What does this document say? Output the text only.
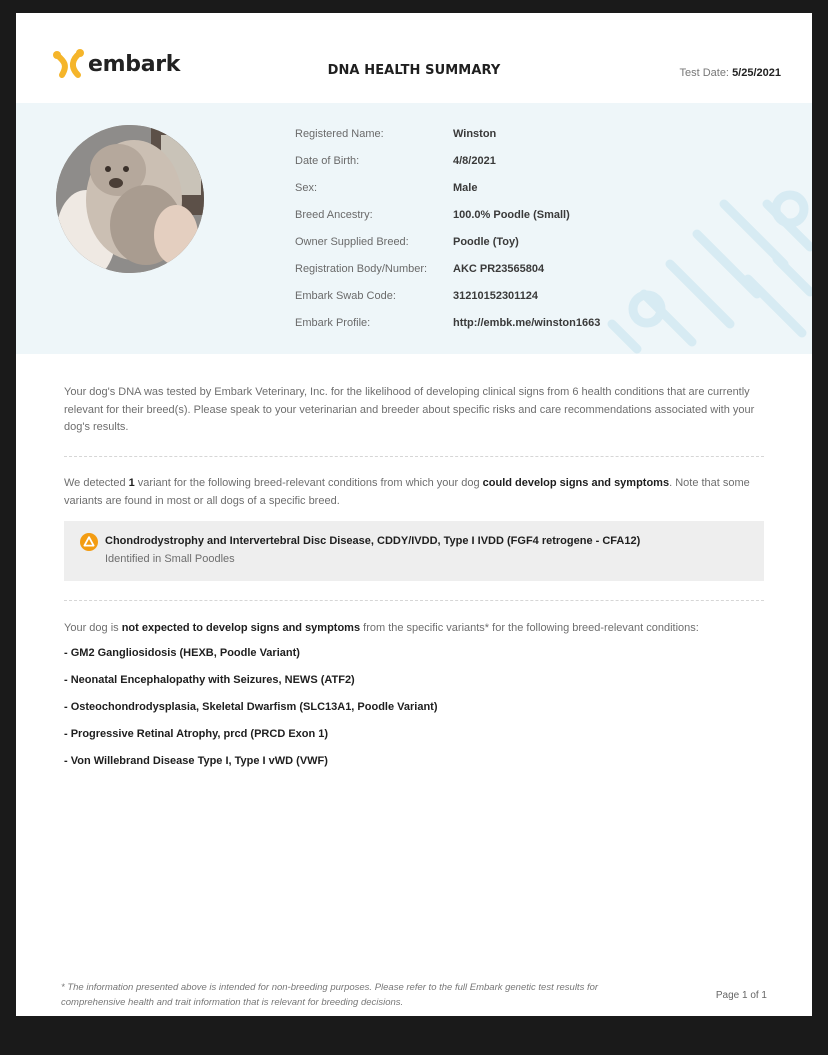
embark	DNA HEALTH SUMMARY	Test Date: 5/25/2021
Registered Name:	Winston
Date of Birth:	4/8/2021
Sex:	Male
Breed Ancestry:	100.0% Poodle (Small)
Owner Supplied Breed:	Poodle (Toy)
Registration Body/Number:	AKC PR23565804
Embark Swab Code:	31210152301124
Embark Profile:	http://embk.me/winston1663

Your dog's DNA was tested by Embark Veterinary, Inc. for the likelihood of developing clinical signs from 6 health conditions that are currently relevant for their breed(s). Please speak to your veterinarian and breeder about specific risks and care recommendations associated with your dog's results.

We detected 1 variant for the following breed-relevant conditions from which your dog could develop signs and symptoms. Note that some variants are found in most or all dogs of a specific breed.

Chondrodystrophy and Intervertebral Disc Disease, CDDY/IVDD, Type I IVDD (FGF4 retrogene - CFA12)
Identified in Small Poodles

Your dog is not expected to develop signs and symptoms from the specific variants* for the following breed-relevant conditions:

- GM2 Gangliosidosis (HEXB, Poodle Variant)
- Neonatal Encephalopathy with Seizures, NEWS (ATF2)
- Osteochondrodysplasia, Skeletal Dwarfism (SLC13A1, Poodle Variant)
- Progressive Retinal Atrophy, prcd (PRCD Exon 1)
- Von Willebrand Disease Type I, Type I vWD (VWF)

* The information presented above is intended for non-breeding purposes. Please refer to the full Embark genetic test results for comprehensive health and trait information that is relevant for breeding decisions.

Page 1 of 1
